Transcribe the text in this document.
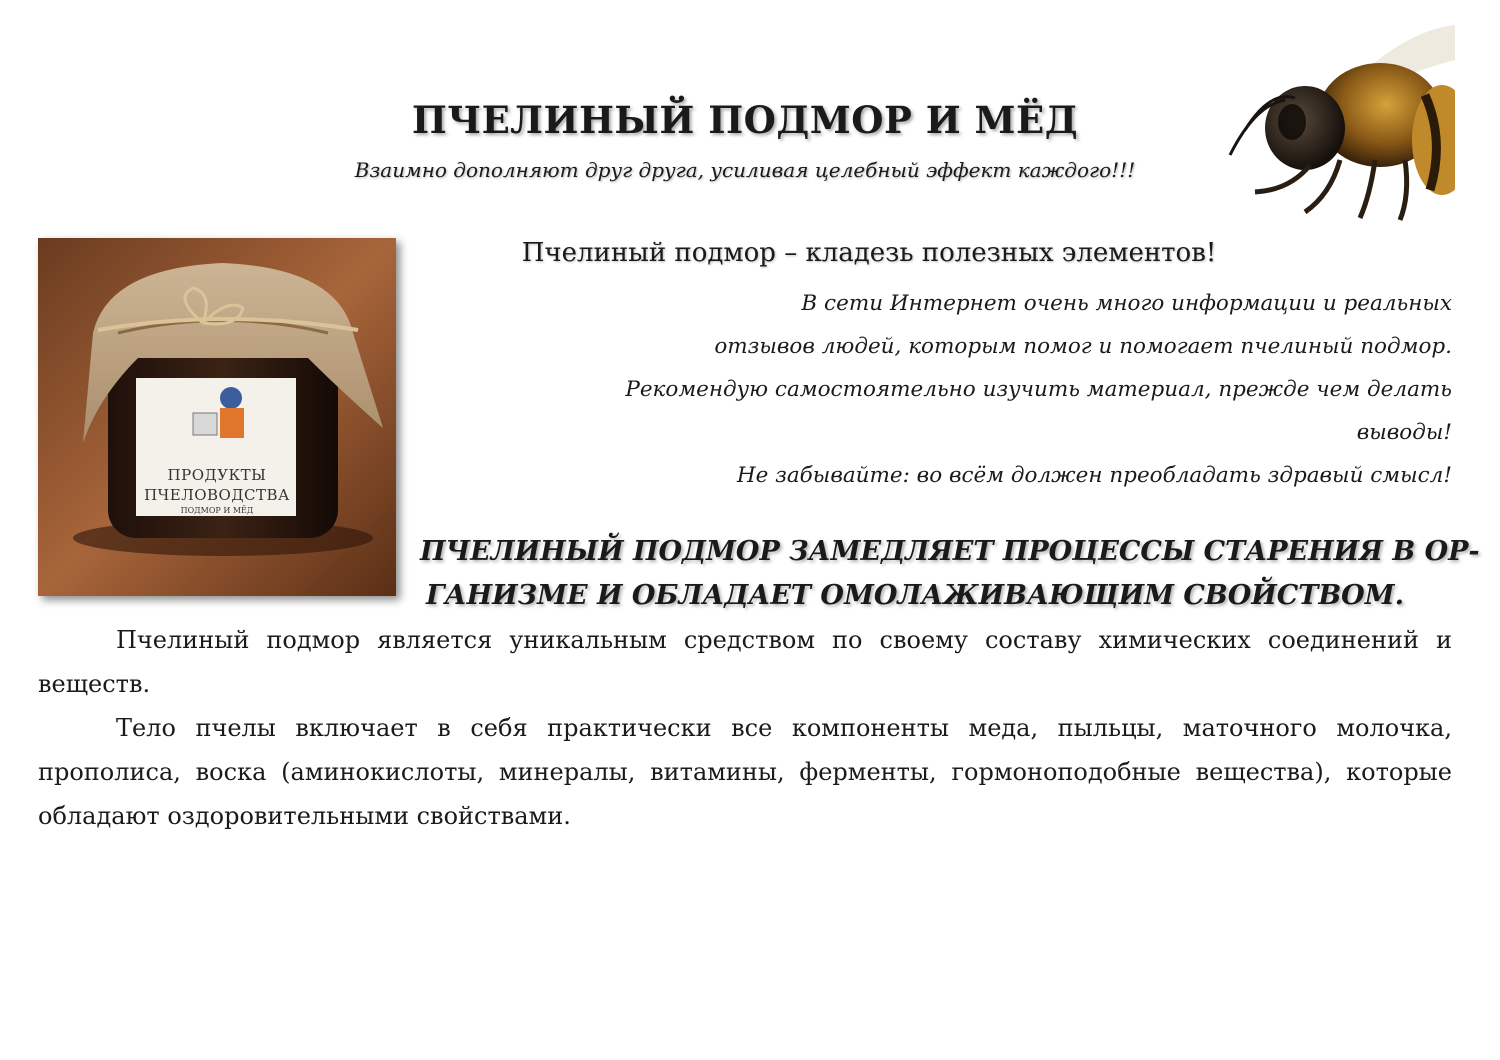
ПЧЕЛИНЫЙ ПОДМОР И МЁД
Взаимно дополняют друг друга, усиливая целебный эффект каждого!!!
ПРОДУКТЫ
ПЧЕЛОВОДСТВА
ПОДМОР И МЁД
Пчелиный подмор – кладезь полезных элементов!
В сети Интернет очень много информации и реальных
отзывов людей, которым помог и помогает пчелиный подмор.
Рекомендую самостоятельно изучить материал, прежде чем делать
выводы!
Не забывайте: во всём должен преобладать здравый смысл!
ПЧЕЛИНЫЙ ПОДМОР ЗАМЕДЛЯЕТ ПРОЦЕССЫ СТАРЕНИЯ В ОР-
ГАНИЗМЕ И ОБЛАДАЕТ ОМОЛАЖИВАЮЩИМ СВОЙСТВОМ.

Пчелиный подмор является уникальным средством по своему составу химических соединений и веществ.

Тело пчелы включает в себя практически все компоненты меда, пыльцы, маточного молочка, прополиса, воска (аминокислоты, минералы, витамины, ферменты, гормоноподобные вещества), которые обладают оздоровительными свойствами.
